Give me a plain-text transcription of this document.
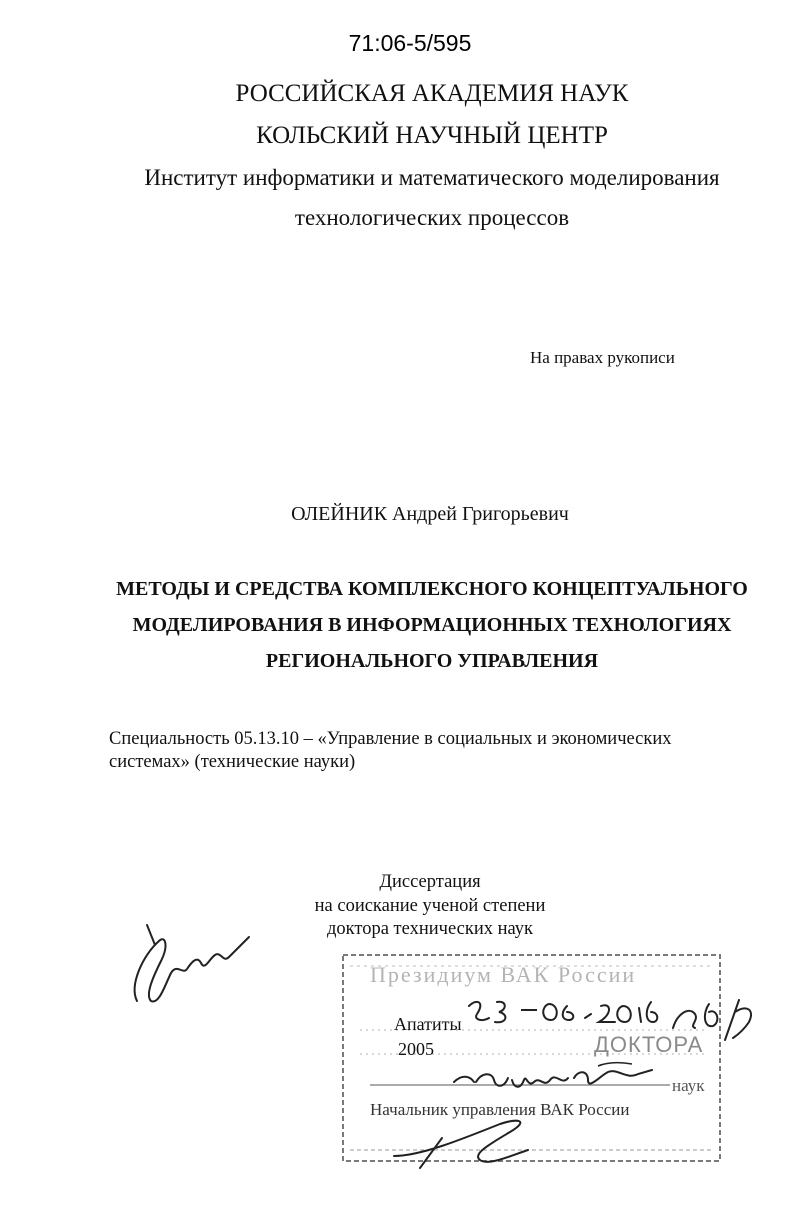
71:06-5/595
РОССИЙСКАЯ АКАДЕМИЯ НАУК
КОЛЬСКИЙ НАУЧНЫЙ ЦЕНТР
Институт информатики и математического моделирования
технологических процессов
На правах рукописи
ОЛЕЙНИК Андрей Григорьевич
МЕТОДЫ И СРЕДСТВА КОМПЛЕКСНОГО КОНЦЕПТУАЛЬНОГО
МОДЕЛИРОВАНИЯ В ИНФОРМАЦИОННЫХ ТЕХНОЛОГИЯХ
РЕГИОНАЛЬНОГО УПРАВЛЕНИЯ
Специальность 05.13.10 – «Управление в социальных и экономических
системах» (технические науки)
Диссертация
на соискание ученой степени
доктора технических наук
Президиум ВАК России
ДОКТОРА
наук
Начальник управления ВАК России
Апатиты
2005
